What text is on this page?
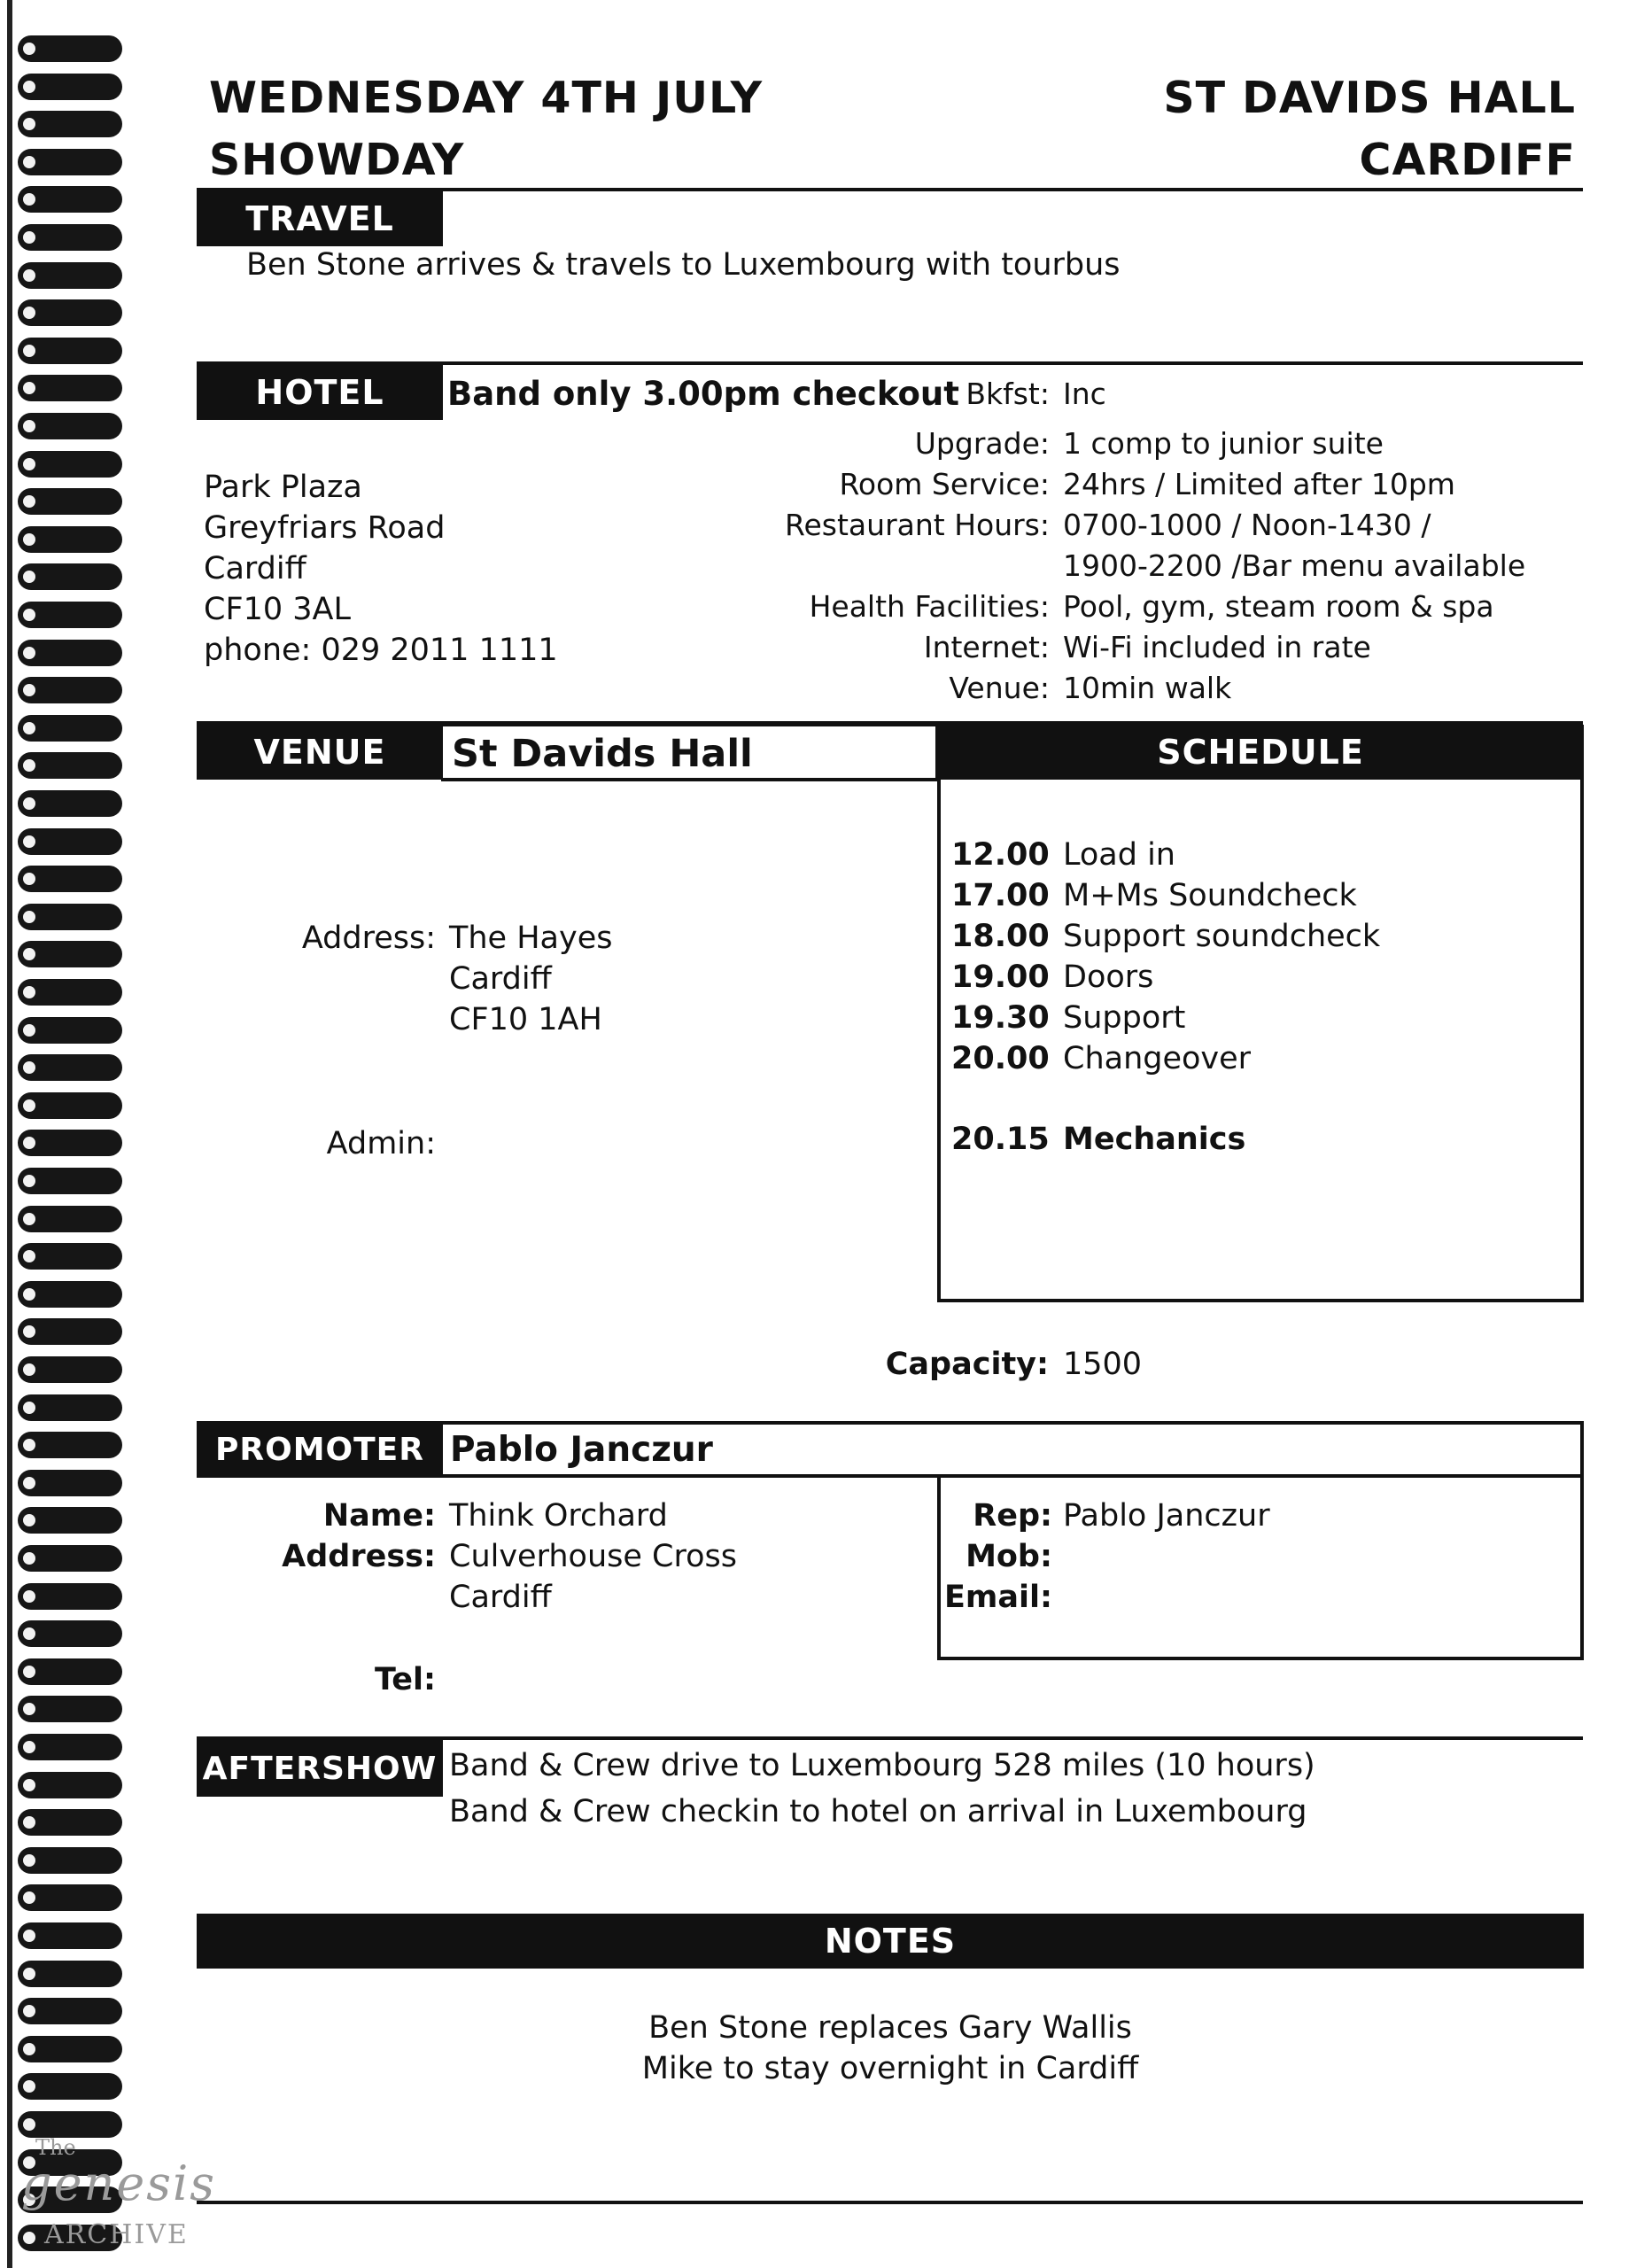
WEDNESDAY 4TH JULY
SHOWDAY
ST DAVIDS HALL
CARDIFF
TRAVEL
Ben Stone arrives & travels to Luxembourg with tourbus
HOTEL	Band only 3.00pm checkout
Park Plaza
Greyfriars Road
Cardiff
CF10 3AL
phone: 029 2011 1111
Bkfst:
Upgrade:
Room Service:
Restaurant Hours:
Health Facilities:
Internet:
Venue:
Inc
1 comp to junior suite
24hrs / Limited after 10pm
0700-1000 / Noon-1430 /
1900-2200 /Bar menu available
Pool, gym, steam room & spa
Wi-Fi included in rate
10min walk
VENUE	St Davids Hall
Address: The Hayes
Cardiff
CF10 1AH
Admin:
SCHEDULE
12.00 Load in
17.00 M+Ms Soundcheck
18.00 Support soundcheck
19.00 Doors
19.30 Support
20.00 Changeover
20.15 Mechanics
Capacity: 1500
PROMOTER Pablo Janczur
Name: Think Orchard
Address: Culverhouse Cross
Cardiff
Tel:
Rep: Pablo Janczur
Mob:
Email:
AFTERSHOW Band & Crew drive to Luxembourg 528 miles (10 hours)
Band & Crew checkin to hotel on arrival in Luxembourg
NOTES
Ben Stone replaces Gary Wallis
Mike to stay overnight in Cardiff
The
genesis
ARCHIVE
